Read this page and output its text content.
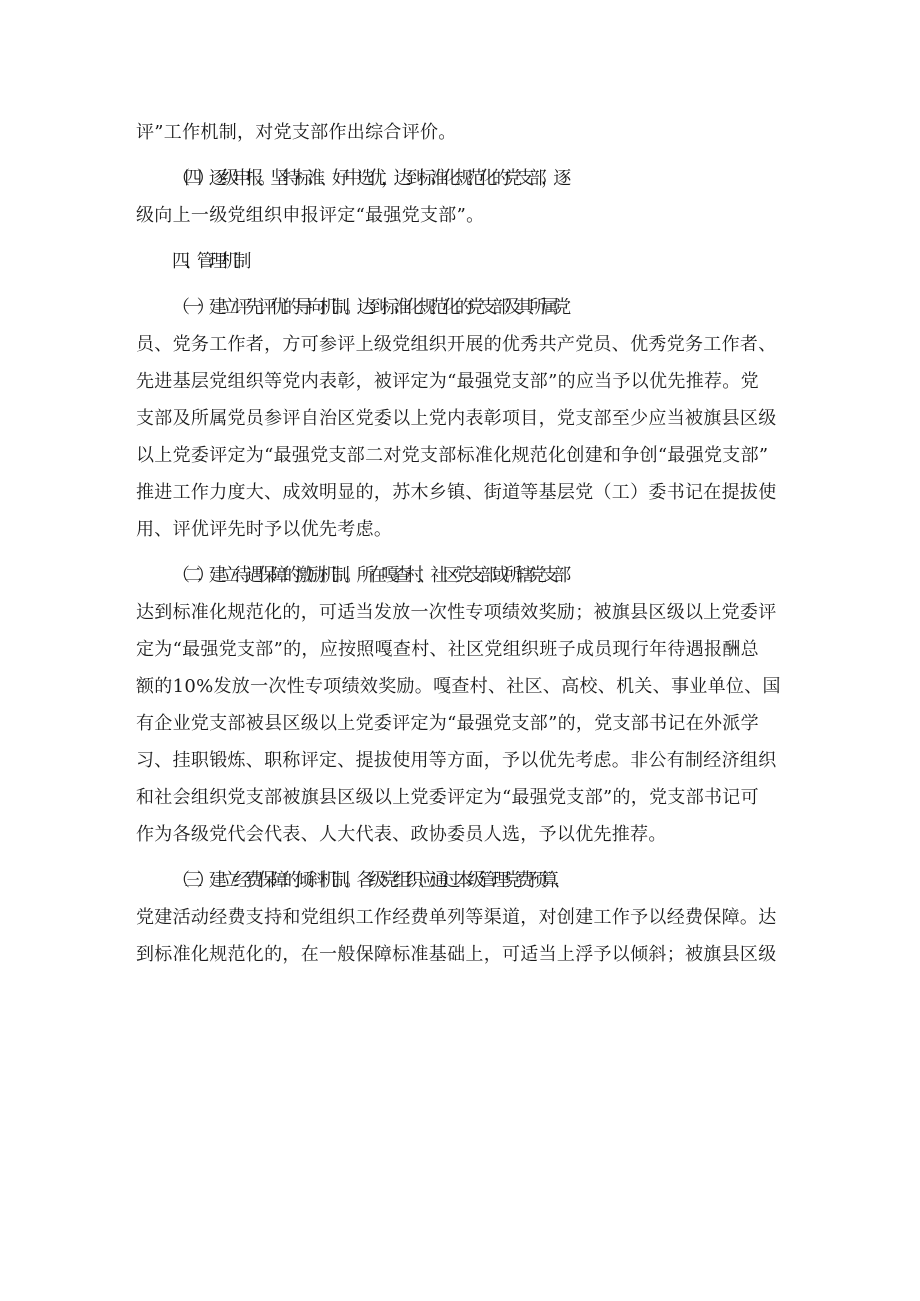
评”工作机制，对党支部作出综合评价。
（四）逐级申报。坚持标准、好中选优，达到标准化规范化的党支部，逐
级向上一级党组织申报评定“最强党支部”。
四、管理机制
（一）建立评先评优的导向机制。达到标准化规范化的党支部及其所属党
员、党务工作者，方可参评上级党组织开展的优秀共产党员、优秀党务工作者、
先进基层党组织等党内表彰，被评定为“最强党支部”的应当予以优先推荐。党
支部及所属党员参评自治区党委以上党内表彰项目，党支部至少应当被旗县区级
以上党委评定为“最强党支部二对党支部标准化规范化创建和争创“最强党支部”
推进工作力度大、成效明显的，苏木乡镇、街道等基层党（工）委书记在提拔使
用、评优评先时予以优先考虑。
（二）建立待遇保障的激励机制。所在嘎查村、社区党支部或所辖党支部
达到标准化规范化的，可适当发放一次性专项绩效奖励；被旗县区级以上党委评
定为“最强党支部”的，应按照嘎查村、社区党组织班子成员现行年待遇报酬总
额的10%发放一次性专项绩效奖励。嘎查村、社区、高校、机关、事业单位、国
有企业党支部被县区级以上党委评定为“最强党支部”的，党支部书记在外派学
习、挂职锻炼、职称评定、提拔使用等方面，予以优先考虑。非公有制经济组织
和社会组织党支部被旗县区级以上党委评定为“最强党支部”的，党支部书记可
作为各级党代会代表、人大代表、政协委员人选，予以优先推荐。
（三）建立经费保障的倾斜机制。各级党组织应通过本级管理党费预算、
党建活动经费支持和党组织工作经费单列等渠道，对创建工作予以经费保障。达
到标准化规范化的，在一般保障标准基础上，可适当上浮予以倾斜；被旗县区级
